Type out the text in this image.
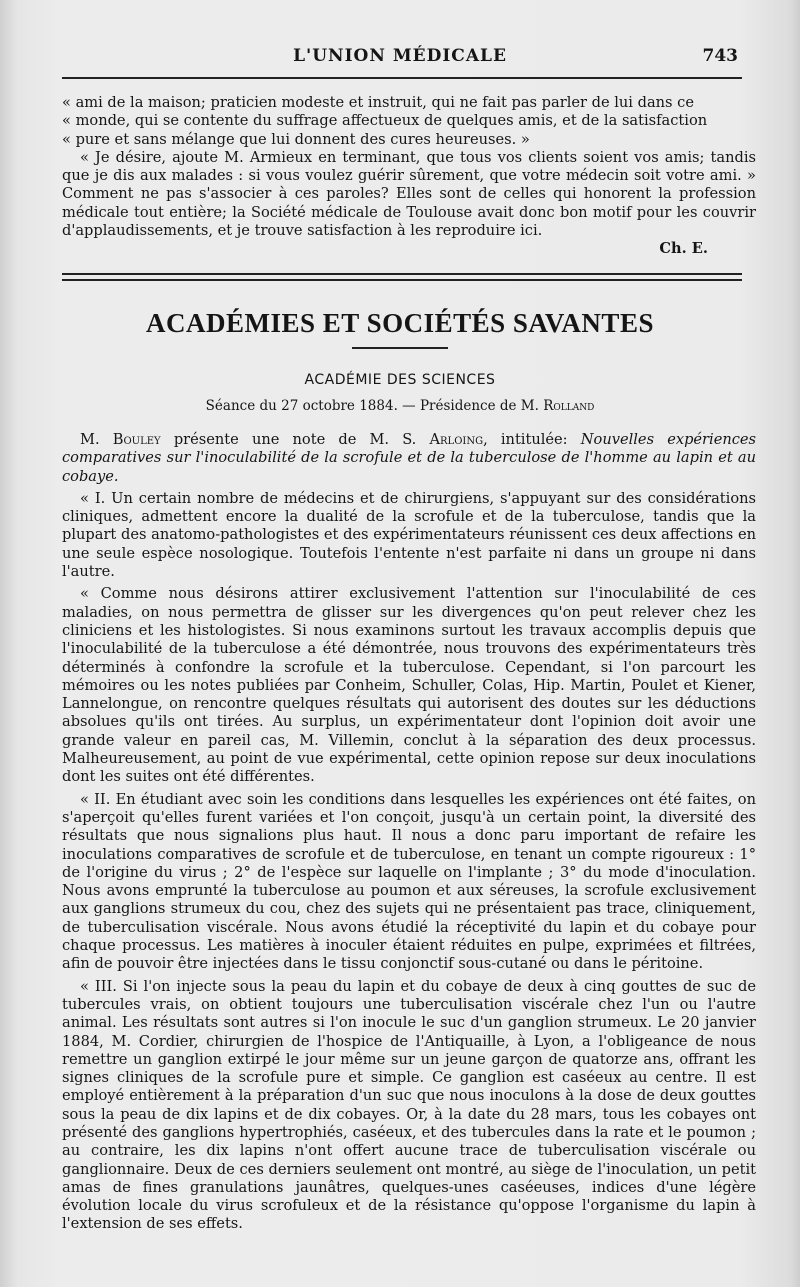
L'UNION MÉDICALE	743

« ami de la maison; praticien modeste et instruit, qui ne fait pas parler de lui dans ce

« monde, qui se contente du suffrage affectueux de quelques amis, et de la satisfaction

« pure et sans mélange que lui donnent des cures heureuses. »

« Je désire, ajoute M. Armieux en terminant, que tous vos clients soient vos amis; tandis que je dis aux malades : si vous voulez guérir sûrement, que votre médecin soit votre ami. » Comment ne pas s'associer à ces paroles? Elles sont de celles qui honorent la profession médicale tout entière; la Société médicale de Toulouse avait donc bon motif pour les couvrir d'applaudissements, et je trouve satisfaction à les reproduire ici.

Ch. E.

ACADÉMIES ET SOCIÉTÉS SAVANTES
ACADÉMIE DES SCIENCES
Séance du 27 octobre 1884. — Présidence de M. Rolland

M. Bouley présente une note de M. S. Arloing, intitulée: Nouvelles expériences comparatives sur l'inoculabilité de la scrofule et de la tuberculose de l'homme au lapin et au cobaye.

« I. Un certain nombre de médecins et de chirurgiens, s'appuyant sur des considérations cliniques, admettent encore la dualité de la scrofule et de la tuberculose, tandis que la plupart des anatomo-pathologistes et des expérimentateurs réunissent ces deux affections en une seule espèce nosologique. Toutefois l'entente n'est parfaite ni dans un groupe ni dans l'autre.

« Comme nous désirons attirer exclusivement l'attention sur l'inoculabilité de ces maladies, on nous permettra de glisser sur les divergences qu'on peut relever chez les cliniciens et les histologistes. Si nous examinons surtout les travaux accomplis depuis que l'inoculabilité de la tuberculose a été démontrée, nous trouvons des expérimentateurs très déterminés à confondre la scrofule et la tuberculose. Cependant, si l'on parcourt les mémoires ou les notes publiées par Conheim, Schuller, Colas, Hip. Martin, Poulet et Kiener, Lannelongue, on rencontre quelques résultats qui autorisent des doutes sur les déductions absolues qu'ils ont tirées. Au surplus, un expérimentateur dont l'opinion doit avoir une grande valeur en pareil cas, M. Villemin, conclut à la séparation des deux processus. Malheureusement, au point de vue expérimental, cette opinion repose sur deux inoculations dont les suites ont été différentes.

« II. En étudiant avec soin les conditions dans lesquelles les expériences ont été faites, on s'aperçoit qu'elles furent variées et l'on conçoit, jusqu'à un certain point, la diversité des résultats que nous signalions plus haut. Il nous a donc paru important de refaire les inoculations comparatives de scrofule et de tuberculose, en tenant un compte rigoureux : 1° de l'origine du virus ; 2° de l'espèce sur laquelle on l'implante ; 3° du mode d'inoculation. Nous avons emprunté la tuberculose au poumon et aux séreuses, la scrofule exclusivement aux ganglions strumeux du cou, chez des sujets qui ne présentaient pas trace, cliniquement, de tuberculisation viscérale. Nous avons étudié la réceptivité du lapin et du cobaye pour chaque processus. Les matières à inoculer étaient réduites en pulpe, exprimées et filtrées, afin de pouvoir être injectées dans le tissu conjonctif sous-cutané ou dans le péritoine.

« III. Si l'on injecte sous la peau du lapin et du cobaye de deux à cinq gouttes de suc de tubercules vrais, on obtient toujours une tuberculisation viscérale chez l'un ou l'autre animal. Les résultats sont autres si l'on inocule le suc d'un ganglion strumeux. Le 20 janvier 1884, M. Cordier, chirurgien de l'hospice de l'Antiquaille, à Lyon, a l'obligeance de nous remettre un ganglion extirpé le jour même sur un jeune garçon de quatorze ans, offrant les signes cliniques de la scrofule pure et simple. Ce ganglion est caséeux au centre. Il est employé entièrement à la préparation d'un suc que nous inoculons à la dose de deux gouttes sous la peau de dix lapins et de dix cobayes. Or, à la date du 28 mars, tous les cobayes ont présenté des ganglions hypertrophiés, caséeux, et des tubercules dans la rate et le poumon ; au contraire, les dix lapins n'ont offert aucune trace de tuberculisation viscérale ou ganglionnaire. Deux de ces derniers seulement ont montré, au siège de l'inoculation, un petit amas de fines granulations jaunâtres, quelques-unes caséeuses, indices d'une légère évolution locale du virus scrofuleux et de la résistance qu'oppose l'organisme du lapin à l'extension de ses effets.
